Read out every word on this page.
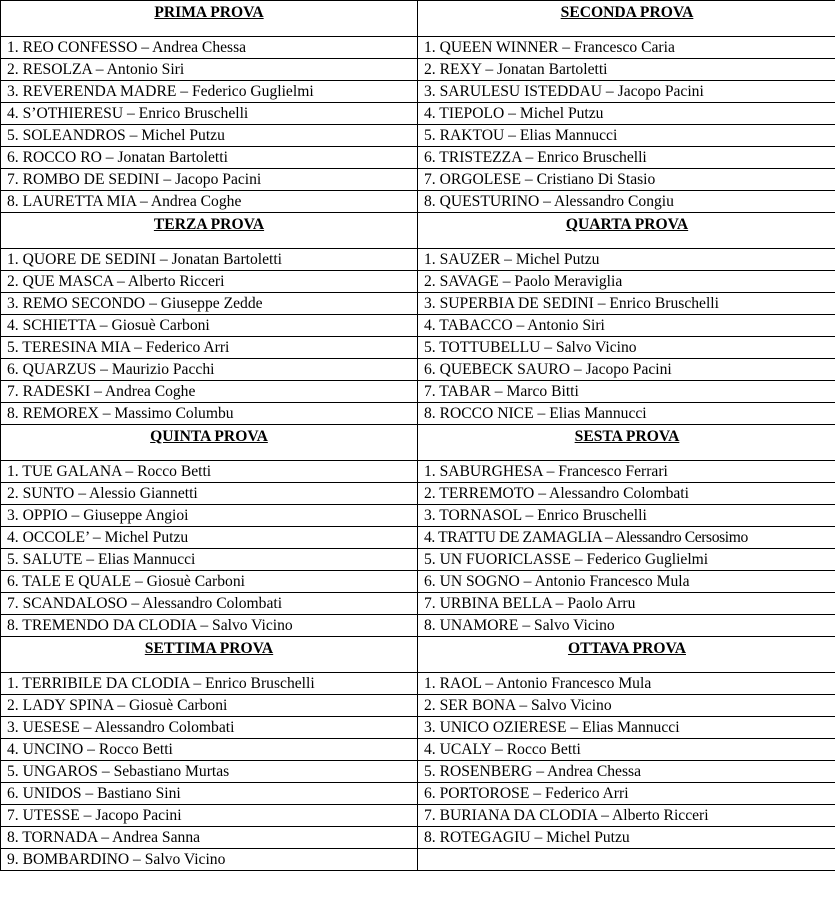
PRIMA PROVA	SECONDA PROVA

1. REO CONFESSO – Andrea Chessa	1. QUEEN WINNER – Francesco Caria
2. RESOLZA – Antonio Siri	2. REXY – Jonatan Bartoletti
3. REVERENDA MADRE – Federico Guglielmi	3. SARULESU ISTEDDAU – Jacopo Pacini
4. S’OTHIERESU – Enrico Bruschelli	4. TIEPOLO – Michel Putzu
5. SOLEANDROS – Michel Putzu	5. RAKTOU – Elias Mannucci
6. ROCCO RO – Jonatan Bartoletti	6. TRISTEZZA – Enrico Bruschelli
7. ROMBO DE SEDINI – Jacopo Pacini	7. ORGOLESE – Cristiano Di Stasio
8. LAURETTA MIA – Andrea Coghe	8. QUESTURINO – Alessandro Congiu

TERZA PROVA	QUARTA PROVA

1. QUORE DE SEDINI – Jonatan Bartoletti	1. SAUZER – Michel Putzu
2. QUE MASCA – Alberto Ricceri	2. SAVAGE – Paolo Meraviglia
3. REMO SECONDO – Giuseppe Zedde	3. SUPERBIA DE SEDINI – Enrico Bruschelli
4. SCHIETTA – Giosuè Carboni	4. TABACCO – Antonio Siri
5. TERESINA MIA – Federico Arri	5. TOTTUBELLU – Salvo Vicino
6. QUARZUS – Maurizio Pacchi	6. QUEBECK SAURO – Jacopo Pacini
7. RADESKI – Andrea Coghe	7. TABAR – Marco Bitti
8. REMOREX – Massimo Columbu	8. ROCCO NICE – Elias Mannucci

QUINTA PROVA	SESTA PROVA

1. TUE GALANA – Rocco Betti	1. SABURGHESA – Francesco Ferrari
2. SUNTO – Alessio Giannetti	2. TERREMOTO – Alessandro Colombati
3. OPPIO – Giuseppe Angioi	3. TORNASOL – Enrico Bruschelli
4. OCCOLE’ – Michel Putzu	4. TRATTU DE ZAMAGLIA – Alessandro Cersosimo
5. SALUTE – Elias Mannucci	5. UN FUORICLASSE – Federico Guglielmi
6. TALE E QUALE – Giosuè Carboni	6. UN SOGNO – Antonio Francesco Mula
7. SCANDALOSO – Alessandro Colombati	7. URBINA BELLA – Paolo Arru
8. TREMENDO DA CLODIA – Salvo Vicino	8. UNAMORE – Salvo Vicino

SETTIMA PROVA	OTTAVA PROVA

1. TERRIBILE DA CLODIA – Enrico Bruschelli	1. RAOL – Antonio Francesco Mula
2. LADY SPINA – Giosuè Carboni	2. SER BONA – Salvo Vicino
3. UESESE – Alessandro Colombati	3. UNICO OZIERESE – Elias Mannucci
4. UNCINO – Rocco Betti	4. UCALY – Rocco Betti
5. UNGAROS – Sebastiano Murtas	5. ROSENBERG – Andrea Chessa
6. UNIDOS – Bastiano Sini	6. PORTOROSE – Federico Arri
7. UTESSE – Jacopo Pacini	7. BURIANA DA CLODIA – Alberto Ricceri
8. TORNADA – Andrea Sanna	8. ROTEGAGIU – Michel Putzu
9. BOMBARDINO – Salvo Vicino	
